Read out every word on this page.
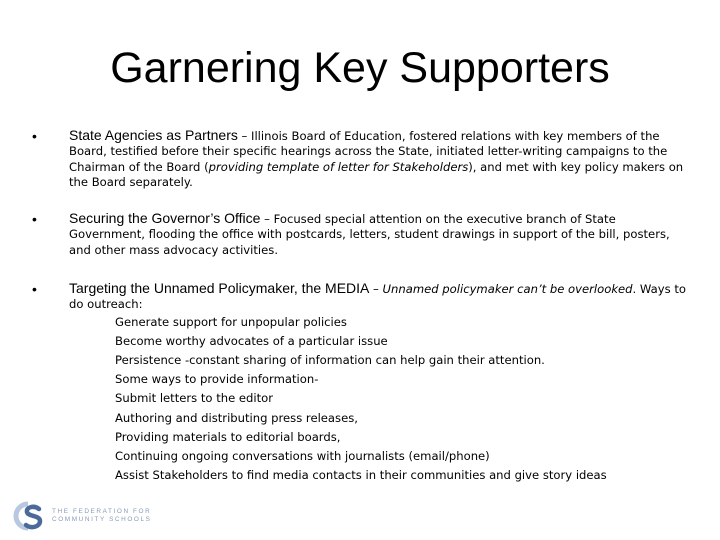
Garnering Key Supporters
• State Agencies as Partners – Illinois Board of Education, fostered relations with key members of the Board, testified before their specific hearings across the State, initiated letter-writing campaigns to the Chairman of the Board (providing template of letter for Stakeholders), and met with key policy makers on the Board separately.
• Securing the Governor’s Office – Focused special attention on the executive branch of State Government, flooding the office with postcards, letters, student drawings in support of the bill, posters, and other mass advocacy activities.
• Targeting the Unnamed Policymaker, the MEDIA – Unnamed policymaker can’t be overlooked. Ways to do outreach:
Generate support for unpopular policies
Become worthy advocates of a particular issue
Persistence -constant sharing of information can help gain their attention.
Some ways to provide information-
Submit letters to the editor
Authoring and distributing press releases,
Providing materials to editorial boards,
Continuing ongoing conversations with journalists (email/phone)
Assist Stakeholders to find media contacts in their communities and give story ideas
THE FEDERATION FOR
COMMUNITY SCHOOLS
